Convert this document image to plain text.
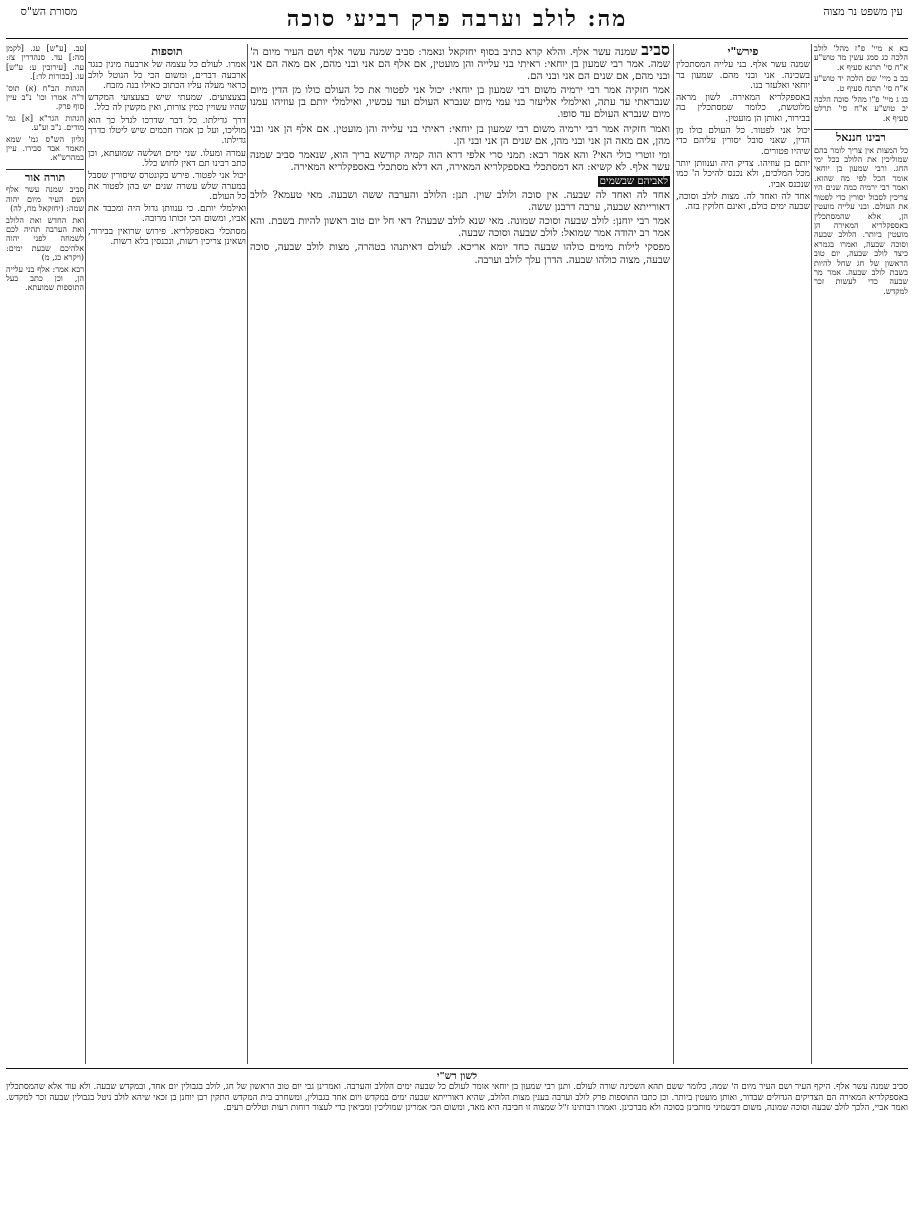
מסורת הש"ס	מה: לולב וערבה פרק רביעי סוכה	עין משפט נר מצוה

בא א מיי' פ"ז מהל' לולב הלכה כג סמג עשין מד טוש"ע א"ח סי' תרנא סעיף א.

בב ב מיי' שם הלכה יד טוש"ע א"ח סי' תרנח סעיף ט.

בג ג מיי' פ"ו מהל' סוכה הלכה יב טוש"ע א"ח סי' תרלט סעיף א.

רבינו חננאל

כל המצות אין צריך לומר בהם שמוליכין את הלולב בכל ימי החג. ורבי שמעון בן יוחאי אומר הכל לפי מה שהוא. ואמר רבי ירמיה כמה שנים היו צריכין לסבול יסורין כדי לפטור את העולם. ובני עלייה מועטין הן, אלא שהמסתכלין באספקלריא המאירה הן מועטין ביותר. הלולב שבעה וסוכה שבעה, ואמרו בגמרא כיצד לולב שבעה, יום טוב הראשון של חג שחל להיות בשבת לולב שבעה. אמר מר שבעה כדי לעשות זכר למקדש.

פירש"י

שמנה עשר אלף. בני עלייה המסתכלין בשכינה. אני ובני מהם. שמעון בר יוחאי ואלעזר בנו.

באספקלריא המאירה. לשון מראה מלוטשת, כלומר שמסתכלין בה בבירור, ואותן הן מועטין.

יכול אני לפטור. כל העולם כולו מן הדין, שאני סובל יסורין עליהם כדי שיהיו פטורים.

יותם בן עוזיהו. צדיק היה וענוותן יותר מכל המלכים, ולא נכנס להיכל ה' כמו שנכנס אביו.

אחד לה ואחד לה. מצות לולב וסוכה, שבעה ימים כולם, ואינם חלוקין בזה.

סביב שמנה עשר אלף. והלא קרא כתיב בסוף יחזקאל ונאמר: סביב שמנה עשר אלף ושם העיר מיום ה' שמה. אמר רבי שמעון בן יוחאי: ראיתי בני עלייה והן מועטין, אם אלף הם אני ובני מהם, אם מאה הם אני ובני מהם, אם שנים הם אני ובני הם.

אמר חזקיה אמר רבי ירמיה משום רבי שמעון בן יוחאי: יכול אני לפטור את כל העולם כולו מן הדין מיום שנבראתי עד עתה, ואילמלי אליעזר בני עמי מיום שנברא העולם ועד עכשיו, ואילמלי יותם בן עוזיהו עמנו מיום שנברא העולם עד סופו.

ואמר חזקיה אמר רבי ירמיה משום רבי שמעון בן יוחאי: ראיתי בני עלייה והן מועטין. אם אלף הן אני ובני מהן, אם מאה הן אני ובני מהן, אם שנים הן אני ובני הן.

ומי זוטרי כולי האי? והא אמר רבא: תמני סרי אלפי דרא הוה קמיה קודשא בריך הוא, שנאמר סביב שמנה עשר אלף. לא קשיא: הא דמסתכלי באספקלריא המאירה, הא דלא מסתכלי באספקלריא המאירה.

לאביהם שבשמים

אחד לה ואחד לה שבעה. אין סוכה ולולב שוין. תנן: הלולב והערבה ששה ושבעה. מאי טעמא? לולב דאורייתא שבעה, ערבה דרבנן ששה.

אמר רבי יוחנן: לולב שבעה וסוכה שמונה. מאי שנא לולב שבעה? דאי חל יום טוב ראשון להיות בשבת. והא אמר רב יהודה אמר שמואל: לולב שבעה וסוכה שבעה.

מפסקי לילות מימים כולהו שבעה כחד יומא אריכא. לעולם דאיתנהו בטהרה, מצות לולב שבעה, סוכה שבעה, מצוה כולהו שבעה. הדרן עלך לולב וערבה.

תוספות

אמרו. לעולם כל עצמה של ארבעה מינין כנגד ארבעה דברים, ומשום הכי כל הנוטל לולב כראוי מעלה עליו הכתוב כאילו בנה מזבח.

בצעצועים. שמעתי שיש בצעצועי המקדש שהיו עשויין כמין צורות, ואין מקשין לה כלל.

דרך גדילתו. כל דבר שדרכו לגדל כך הוא מוליכו, ועל כן אמרו חכמים שיש ליטלו כדרך גדילתו.

עמרה ומעלו. שני ימים ושלשה שמועתא, וכן כתב רבינו תם דאין לחוש כלל.

יכול אני לפטור. פירש בקונטרס שיסורין שסבל במערה שלש עשרה שנים יש בהן לפטור את כל העולם.

ואילמלי יותם. כי ענוותן גדול היה ומכבד את אביו, ומשום הכי זכותו מרובה.

מסתכלי באספקלריא. פירוש שרואין בבירור, ושאינן צריכין רשות, ונכנסין בלא רשות.

עב. [ע"ש] עג. [לקמן מה:] עד. סנהדרין צז: עה. [עירובין ע: ע"ש] עו. [בכורות לד:].

הגהות הב"ח (א) תוס' ד"ה אמרו וכו' נ"ב עיין סוף פרק.

הגהות הגר"א [א] גמ' מודים. נ"ב וע"ע.

גליון הש"ס גמ' שמא תאמר אבד סבירו. עיין במהרש"א.

תורה אור

סביב שמנה עשר אלף ושם העיר מיום יהוה שמה: (יחזקאל מח, לה)

ואת החדש ואת הלולב ואת הערבה תהיה לכם לשמחה לפני יהוה אלהיכם שבעת ימים: (ויקרא כג, מ)

רבא אמר: אלף בני עלייה הן, וכן כתב בעל התוספות שמועתא.

לשון רש"י
סביב שמנה עשר אלף. היקף העיר ושם העיר מיום ה' שמה, כלומר ששם תהא השכינה שורה לעולם. ותנן רבי שמעון בן יוחאי אומר לעולם כל שבעה ימים הלולב והערבה. ואמרינן גבי יום טוב הראשון של חג, לולב בגבולין יום אחד, ובמקדש שבעה. ולא עוד אלא שהמסתכלין באספקלריא המאירה הם הצדיקים הגדולים שבדור, ואותן מועטין ביותר. וכן כתבו התוספות פרק לולב וערבה בענין מצות הלולב, שהיא דאורייתא שבעה ימים במקדש ויום אחד בגבולין, ומשחרב בית המקדש התקין רבן יוחנן בן זכאי שיהא לולב ניטל בגבולין שבעה זכר למקדש. ואמר אביי, הלכך לולב שבעה וסוכה שמונה, משום דבשמיני מותבינן בסוכה ולא מברכינן. ואמרו רבותינו ז"ל שמצוה זו חביבה היא מאד, ומשום הכי אמרינן שמוליכין ומביאין כדי לעצור רוחות רעות וטללים רעים.
